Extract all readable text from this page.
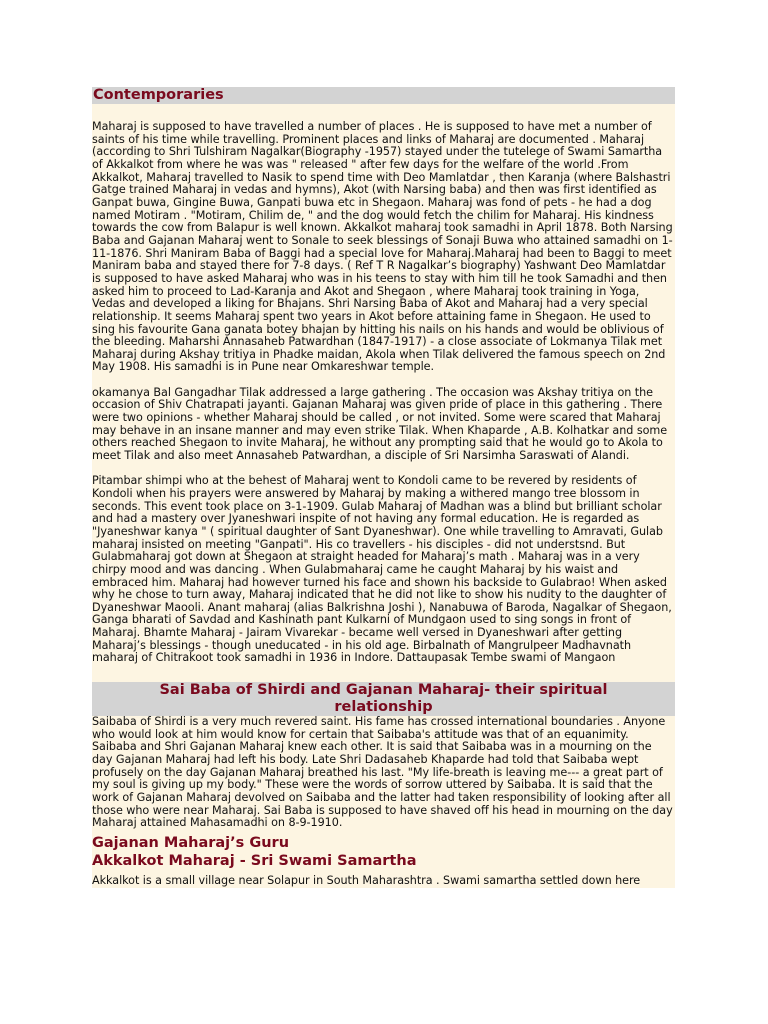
Contemporaries

Maharaj is supposed to have travelled a number of places . He is supposed to have met a number of saints of his time while travelling. Prominent places and links of Maharaj are documented . Maharaj (according to Shri Tulshiram Nagalkar(Biography -1957) stayed under the tutelege of Swami Samartha of Akkalkot from where he was was " released " after few days for the welfare of the world .From Akkalkot, Maharaj travelled to Nasik to spend time with Deo Mamlatdar , then Karanja (where Balshastri Gatge trained Maharaj in vedas and hymns), Akot (with Narsing baba) and then was first identified as Ganpat buwa, Gingine Buwa, Ganpati buwa etc in Shegaon. Maharaj was fond of pets - he had a dog named Motiram . "Motiram, Chilim de, " and the dog would fetch the chilim for Maharaj. His kindness towards the cow from Balapur is well known. Akkalkot maharaj took samadhi in April 1878. Both Narsing Baba and Gajanan Maharaj went to Sonale to seek blessings of Sonaji Buwa who attained samadhi on 1-11-1876. Shri Maniram Baba of Baggi had a special love for Maharaj.Maharaj had been to Baggi to meet Maniram baba and stayed there for 7-8 days. ( Ref T R Nagalkar’s biography) Yashwant Deo Mamlatdar is supposed to have asked Maharaj who was in his teens to stay with him till he took Samadhi and then asked him to proceed to Lad-Karanja and Akot and Shegaon , where Maharaj took training in Yoga, Vedas and developed a liking for Bhajans. Shri Narsing Baba of Akot and Maharaj had a very special relationship. It seems Maharaj spent two years in Akot before attaining fame in Shegaon. He used to sing his favourite Gana ganata botey bhajan by hitting his nails on his hands and would be oblivious of the bleeding. Maharshi Annasaheb Patwardhan (1847-1917) - a close associate of Lokmanya Tilak met Maharaj during Akshay tritiya in Phadke maidan, Akola when Tilak delivered the famous speech on 2nd May 1908. His samadhi is in Pune near Omkareshwar temple.

okamanya Bal Gangadhar Tilak addressed a large gathering . The occasion was Akshay tritiya on the occasion of Shiv Chatrapati jayanti. Gajanan Maharaj was given pride of place in this gathering . There were two opinions - whether Maharaj should be called , or not invited. Some were scared that Maharaj may behave in an insane manner and may even strike Tilak. When Khaparde , A.B. Kolhatkar and some others reached Shegaon to invite Maharaj, he without any prompting said that he would go to Akola to meet Tilak and also meet Annasaheb Patwardhan, a disciple of Sri Narsimha Saraswati of Alandi.

Pitambar shimpi who at the behest of Maharaj went to Kondoli came to be revered by residents of Kondoli when his prayers were answered by Maharaj by making a withered mango tree blossom in seconds. This event took place on 3-1-1909. Gulab Maharaj of Madhan was a blind but brilliant scholar and had a mastery over Jyaneshwari inspite of not having any formal education. He is regarded as "Jyaneshwar kanya " ( spiritual daughter of Sant Dyaneshwar). One while travelling to Amravati, Gulab maharaj insisted on meeting "Ganpati". His co travellers - his disciples - did not understsnd. But Gulabmaharaj got down at Shegaon at straight headed for Maharaj’s math . Maharaj was in a very chirpy mood and was dancing . When Gulabmaharaj came he caught Maharaj by his waist and embraced him. Maharaj had however turned his face and shown his backside to Gulabrao! When asked why he chose to turn away, Maharaj indicated that he did not like to show his nudity to the daughter of Dyaneshwar Maooli. Anant maharaj (alias Balkrishna Joshi ), Nanabuwa of Baroda, Nagalkar of Shegaon, Ganga bharati of Savdad and Kashinath pant Kulkarni of Mundgaon used to sing songs in front of Maharaj. Bhamte Maharaj - Jairam Vivarekar - became well versed in Dyaneshwari after getting Maharaj’s blessings - though uneducated - in his old age. Birbalnath of Mangrulpeer Madhavnath maharaj of Chitrakoot took samadhi in 1936 in Indore. Dattaupasak Tembe swami of Mangaon

Sai Baba of Shirdi and Gajanan Maharaj- their spiritual relationship

Saibaba of Shirdi is a very much revered saint. His fame has crossed international boundaries . Anyone who would look at him would know for certain that Saibaba's attitude was that of an equanimity. Saibaba and Shri Gajanan Maharaj knew each other. It is said that Saibaba was in a mourning on the day Gajanan Maharaj had left his body. Late Shri Dadasaheb Khaparde had told that Saibaba wept profusely on the day Gajanan Maharaj breathed his last. "My life-breath is leaving me--- a great part of my soul is giving up my body." These were the words of sorrow uttered by Saibaba. It is said that the work of Gajanan Maharaj devolved on Saibaba and the latter had taken responsibility of looking after all those who were near Maharaj. Sai Baba is supposed to have shaved off his head in mourning on the day Maharaj attained Mahasamadhi on 8-9-1910.

Gajanan Maharaj’s Guru
Akkalkot Maharaj - Sri Swami Samartha

Akkalkot is a small village near Solapur in South Maharashtra . Swami samartha settled down here
